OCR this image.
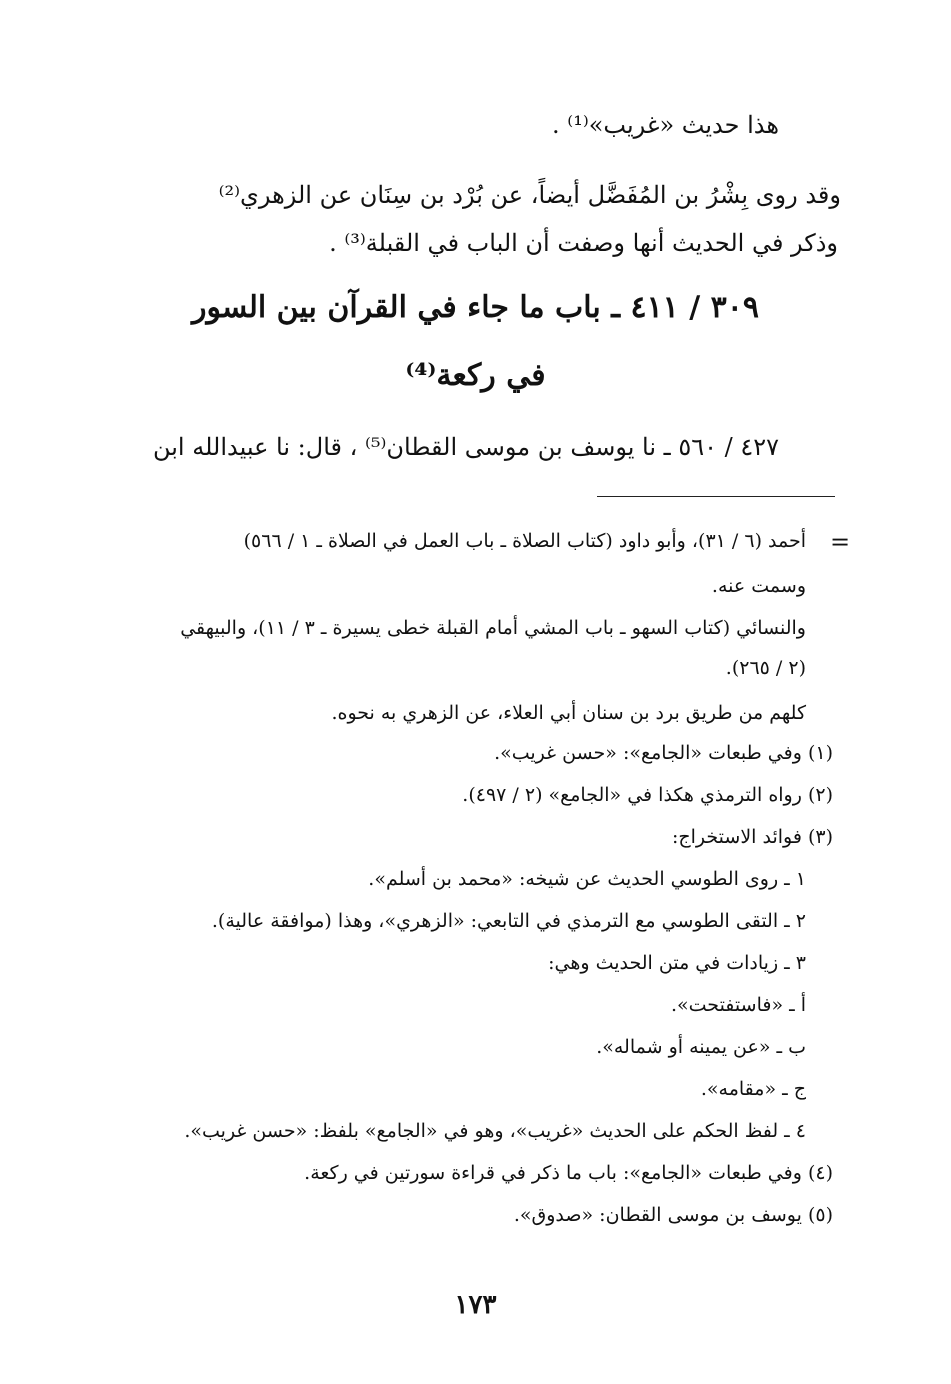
هذا حديث «غريب»⁽¹⁾ .
وقد روى بِشْرُ بن المُفَضَّل أيضاً، عن بُرْد بن سِنَان عن الزهري⁽²⁾
وذكر في الحديث أنها وصفت أن الباب في القبلة⁽³⁾ .
٣٠٩ / ٤١١ ـ باب ما جاء في القرآن بين السور
في ركعة⁽⁴⁾
٤٢٧ / ٥٦٠ ـ نا يوسف بن موسى القطان⁽⁵⁾ ، قال: نا عبيدالله ابن
=
أحمد (٦ / ٣١)، وأبو داود (كتاب الصلاة ـ باب العمل في الصلاة ـ ١ / ٥٦٦)
وسمت عنه.
والنسائي (كتاب السهو ـ باب المشي أمام القبلة خطى يسيرة ـ ٣ / ١١)، والبيهقي
(٢ / ٢٦٥).
كلهم من طريق برد بن سنان أبي العلاء، عن الزهري به نحوه.
(١) وفي طبعات «الجامع»: «حسن غريب».
(٢) رواه الترمذي هكذا في «الجامع» (٢ / ٤٩٧).
(٣) فوائد الاستخراج:
١ ـ روى الطوسي الحديث عن شيخه: «محمد بن أسلم».
٢ ـ التقى الطوسي مع الترمذي في التابعي: «الزهري»، وهذا (موافقة عالية).
٣ ـ زيادات في متن الحديث وهي:
أ ـ «فاستفتحت».
ب ـ «عن يمينه أو شماله».
ج ـ «مقامه».
٤ ـ لفظ الحكم على الحديث «غريب»، وهو في «الجامع» بلفظ: «حسن غريب».
(٤) وفي طبعات «الجامع»: باب ما ذكر في قراءة سورتين في ركعة.
(٥) يوسف بن موسى القطان: «صدوق».
١٧٣
